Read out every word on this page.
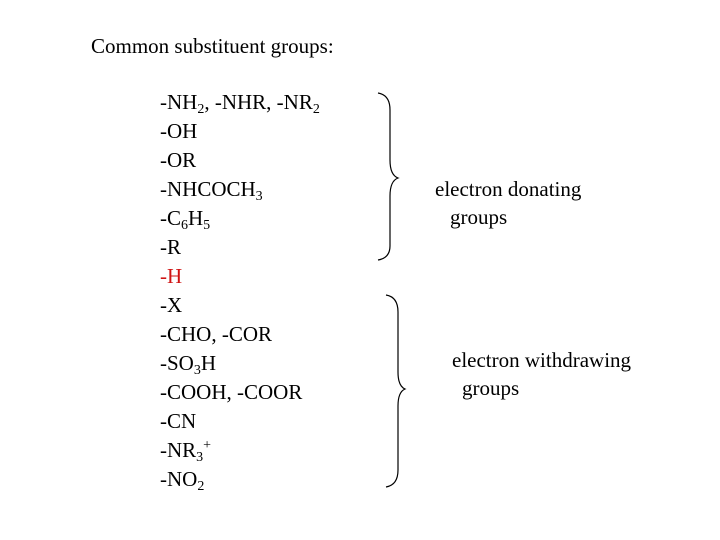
Common substituent groups:
$-NH_2$, -NHR, $-NR_2$
-OH
-OR
$-NHCOCH_3$
$-C_6H_5$
-R
-H
-X
-CHO, -COR
$-SO_3H$
-COOH, -COOR
-CN
$-NR_3^+$
$-NO_2$
electron donating
groups
electron withdrawing
groups
